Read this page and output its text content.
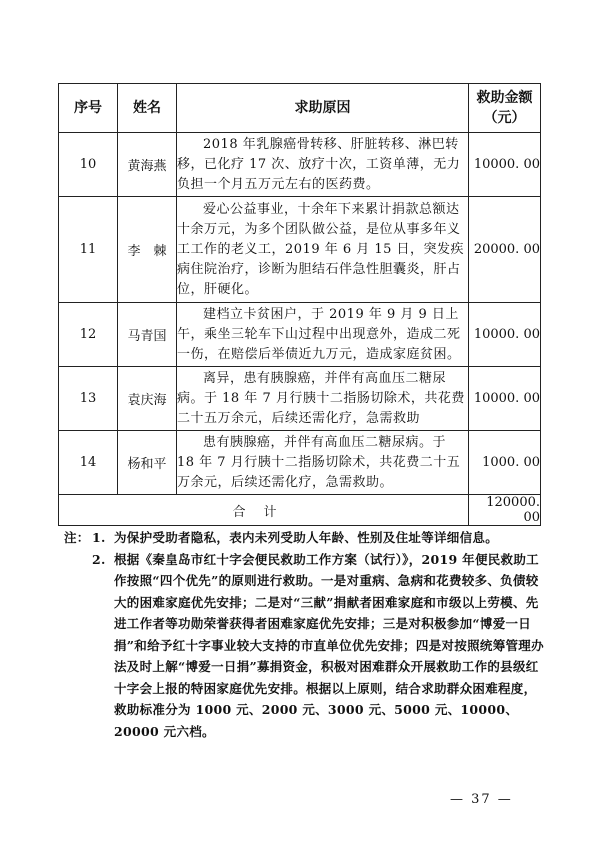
序号	姓名	求助原因	救助金额
（元）

10	黄海燕	2018 年乳腺癌骨转移、肝脏转移、淋巴转移，已化疗 17 次、放疗十次，工资单薄，无力负担一个月五万元左右的医药费。	10000. 00
11	李　棘	爱心公益事业，十余年下来累计捐款总额达十余万元，为多个团队做公益，是位从事多年义工工作的老义工，2019 年 6 月 15 日，突发疾病住院治疗，诊断为胆结石伴急性胆囊炎，肝占位，肝硬化。	20000. 00
12	马青国	建档立卡贫困户，于 2019 年 9 月 9 日上午，乘坐三轮车下山过程中出现意外，造成二死一伤，在赔偿后举债近九万元，造成家庭贫困。	10000. 00
13	袁庆海	离异，患有胰腺癌，并伴有高血压二糖尿病。于 18 年 7 月行胰十二指肠切除术，共花费二十五万余元，后续还需化疗，急需救助	10000. 00
14	杨和平	患有胰腺癌，并伴有高血压二糖尿病。于 18 年 7 月行胰十二指肠切除术，共花费二十五万余元，后续还需化疗，急需救助。	1000. 00
合计			120000. 00
注： 1. 为保护受助者隐私，表内未列受助人年龄、性别及住址等详细信息。
2. 根据《秦皇岛市红十字会便民救助工作方案（试行）》，2019 年便民救助工作按照“四个优先”的原则进行救助。一是对重病、急病和花费较多、负债较大的困难家庭优先安排；二是对“三献”捐献者困难家庭和市级以上劳模、先进工作者等功勋荣誉获得者困难家庭优先安排；三是对积极参加“博爱一日捐”和给予红十字事业较大支持的市直单位优先安排；四是对按照统筹管理办法及时上解“博爱一日捐”募捐资金，积极对困难群众开展救助工作的县级红十字会上报的特困家庭优先安排。根据以上原则，结合求助群众困难程度，救助标准分为 1000 元、2000 元、3000 元、5000 元、10000、20000 元六档。
— 37 —
